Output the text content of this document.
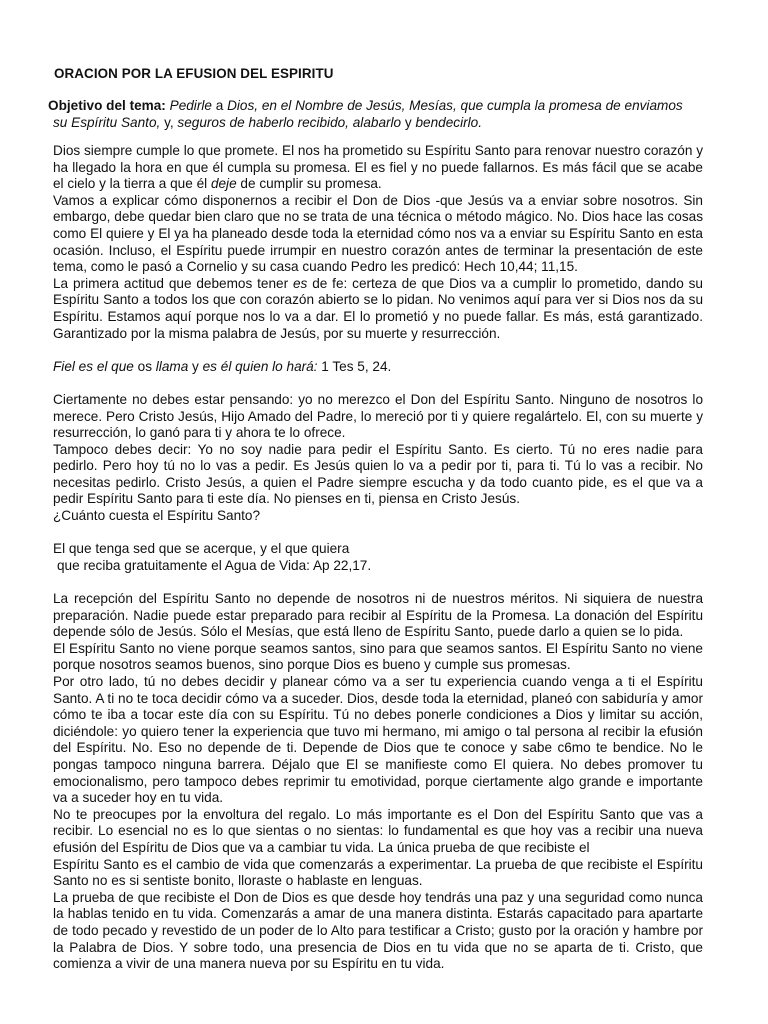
ORACION POR LA EFUSION DEL ESPIRITU
Objetivo del tema: Pedirle a Dios, en el Nombre de Jesús, Mesías, que cumpla la promesa de enviamos
su Espíritu Santo, y, seguros de haberlo recibido, alabarlo y bendecirlo.

Dios siempre cumple lo que promete. El nos ha prometido su Espíritu Santo para renovar nuestro corazón y ha llegado la hora en que él cumpla su promesa. El es fiel y no puede fallarnos. Es más fácil que se acabe el cielo y la tierra a que él deje de cumplir su promesa.

Vamos a explicar cómo disponernos a recibir el Don de Dios -que Jesús va a enviar sobre nosotros. Sin embargo, debe quedar bien claro que no se trata de una técnica o método mágico. No. Dios hace las cosas como El quiere y El ya ha planeado desde toda la eternidad cómo nos va a enviar su Espíritu Santo en esta ocasión. Incluso, el Espíritu puede irrumpir en nuestro corazón antes de terminar la presentación de este tema, como le pasó a Cornelio y su casa cuando Pedro les predicó: Hech 10,44; 11,15.

La primera actitud que debemos tener es de fe: certeza de que Dios va a cumplir lo prometido, dando su Espíritu Santo a todos los que con corazón abierto se lo pidan. No venimos aquí para ver si Dios nos da su Espíritu. Estamos aquí porque nos lo va a dar. El lo prometió y no puede fallar. Es más, está garantizado. Garantizado por la misma palabra de Jesús, por su muerte y resurrección.

Fiel es el que os llama y es él quien lo hará: 1 Tes 5, 24.

Ciertamente no debes estar pensando: yo no merezco el Don del Espíritu Santo. Ninguno de nosotros lo merece. Pero Cristo Jesús, Hijo Amado del Padre, lo mereció por ti y quiere regalártelo. El, con su muerte y resurrección, lo ganó para ti y ahora te lo ofrece.

Tampoco debes decir: Yo no soy nadie para pedir el Espíritu Santo. Es cierto. Tú no eres nadie para pedirlo. Pero hoy tú no lo vas a pedir. Es Jesús quien lo va a pedir por ti, para ti. Tú lo vas a recibir. No necesitas pedirlo. Cristo Jesús, a quien el Padre siempre escucha y da todo cuanto pide, es el que va a pedir Espíritu Santo para ti este día. No pienses en ti, piensa en Cristo Jesús.

¿Cuánto cuesta el Espíritu Santo?

El que tenga sed que se acerque, y el que quiera

que reciba gratuitamente el Agua de Vida: Ap 22,17.

La recepción del Espíritu Santo no depende de nosotros ni de nuestros méritos. Ni siquiera de nuestra preparación. Nadie puede estar preparado para recibir al Espíritu de la Promesa. La donación del Espíritu depende sólo de Jesús. Sólo el Mesías, que está lleno de Espíritu Santo, puede darlo a quien se lo pida.

El Espíritu Santo no viene porque seamos santos, sino para que seamos santos. El Espíritu Santo no viene porque nosotros seamos buenos, sino porque Dios es bueno y cumple sus promesas.

Por otro lado, tú no debes decidir y planear cómo va a ser tu experiencia cuando venga a ti el Espíritu Santo. A ti no te toca decidir cómo va a suceder. Dios, desde toda la eternidad, planeó con sabiduría y amor cómo te iba a tocar este día con su Espíritu. Tú no debes ponerle condiciones a Dios y limitar su acción, diciéndole: yo quiero tener la experiencia que tuvo mi hermano, mi amigo o tal persona al recibir la efusión del Espíritu. No. Eso no depende de ti. Depende de Dios que te conoce y sabe c6mo te bendice. No le pongas tampoco ninguna barrera. Déjalo que El se manifieste como El quiera. No debes promover tu emocionalismo, pero tampoco debes reprimir tu emotividad, porque ciertamente algo grande e importante va a suceder hoy en tu vida.

No te preocupes por la envoltura del regalo. Lo más importante es el Don del Espíritu Santo que vas a recibir. Lo esencial no es lo que sientas o no sientas: lo fundamental es que hoy vas a recibir una nueva efusión del Espíritu de Dios que va a cambiar tu vida. La única prueba de que recibiste el

Espíritu Santo es el cambio de vida que comenzarás a experimentar. La prueba de que recibiste el Espíritu Santo no es si sentiste bonito, lloraste o hablaste en lenguas.

La prueba de que recibiste el Don de Dios es que desde hoy tendrás una paz y una seguridad como nunca la hablas tenido en tu vida. Comenzarás a amar de una manera distinta. Estarás capacitado para apartarte de todo pecado y revestido de un poder de lo Alto para testificar a Cristo; gusto por la oración y hambre por la Palabra de Dios. Y sobre todo, una presencia de Dios en tu vida que no se aparta de ti. Cristo, que comienza a vivir de una manera nueva por su Espíritu en tu vida.
